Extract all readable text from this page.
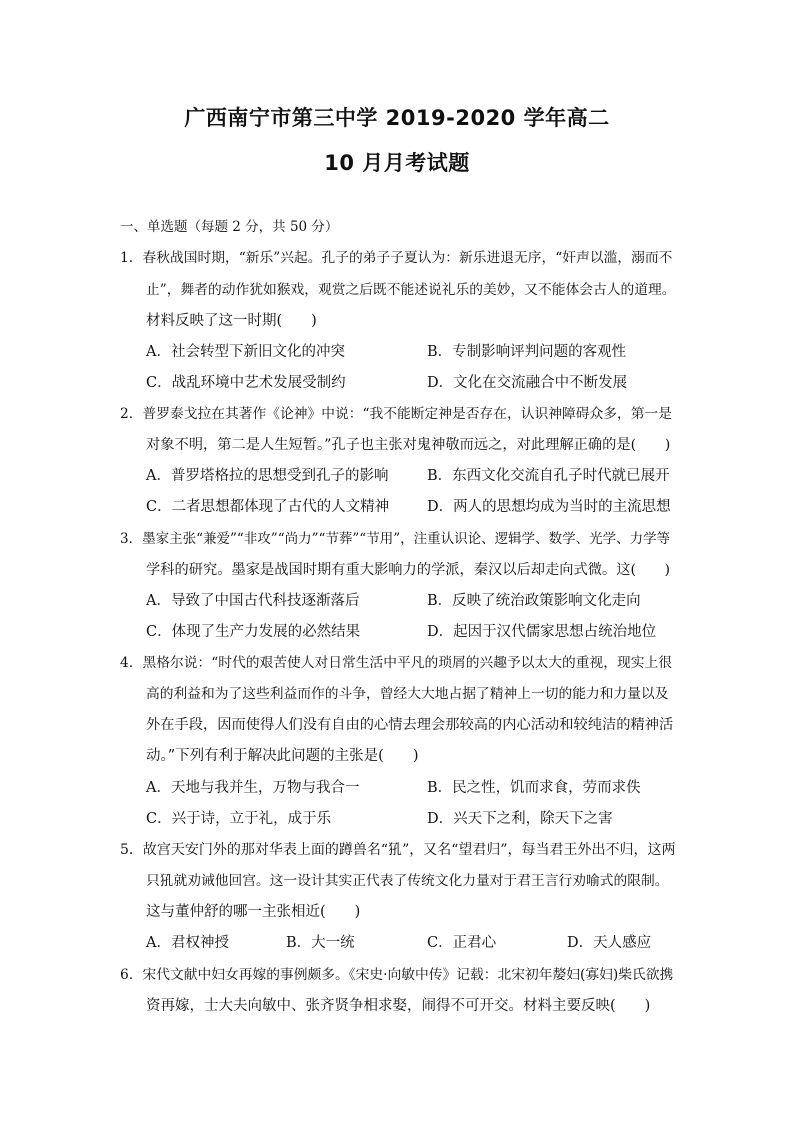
广西南宁市第三中学 2019-2020 学年高二
10 月月考试题
一、单选题（每题 2 分，共 50 分）
1．春秋战国时期，“新乐”兴起。孔子的弟子子夏认为：新乐进退无序，“奸声以滥，溺而不
止”，舞者的动作犹如猴戏，观赏之后既不能述说礼乐的美妙，又不能体会古人的道理。
材料反映了这一时期(　　)
A．社会转型下新旧文化的冲突	B．专制影响评判问题的客观性
C．战乱环境中艺术发展受制约	D．文化在交流融合中不断发展
2．普罗泰戈拉在其著作《论神》中说：“我不能断定神是否存在，认识神障碍众多，第一是
对象不明，第二是人生短暂。”孔子也主张对鬼神敬而远之，对此理解正确的是(　　)
A．普罗塔格拉的思想受到孔子的影响	B．东西文化交流自孔子时代就已展开
C．二者思想都体现了古代的人文精神	D．两人的思想均成为当时的主流思想
3．墨家主张“兼爱”“非攻”“尚力”“节葬”“节用”，注重认识论、逻辑学、数学、光学、力学等
学科的研究。墨家是战国时期有重大影响力的学派，秦汉以后却走向式微。这(　　)
A．导致了中国古代科技逐渐落后	B．反映了统治政策影响文化走向
C．体现了生产力发展的必然结果	D．起因于汉代儒家思想占统治地位
4．黑格尔说：“时代的艰苦使人对日常生活中平凡的琐屑的兴趣予以太大的重视，现实上很
高的利益和为了这些利益而作的斗争，曾经大大地占据了精神上一切的能力和力量以及
外在手段，因而使得人们没有自由的心情去理会那较高的内心活动和较纯洁的精神活
动。”下列有利于解决此问题的主张是(　　)
A．天地与我并生，万物与我合一	B．民之性，饥而求食，劳而求佚
C．兴于诗，立于礼，成于乐	D．兴天下之利，除天下之害
5．故宫天安门外的那对华表上面的蹲兽名“犼”，又名“望君归”，每当君王外出不归，这两
只犼就劝诫他回宫。这一设计其实正代表了传统文化力量对于君王言行劝喻式的限制。
这与董仲舒的哪一主张相近(　　)
A．君权神授	B．大一统	C．正君心	D．天人感应
6．宋代文献中妇女再嫁的事例颇多。《宋史·向敏中传》记载：北宋初年嫠妇(寡妇)柴氏欲携
资再嫁，士大夫向敏中、张齐贤争相求娶，闹得不可开交。材料主要反映(　　)
